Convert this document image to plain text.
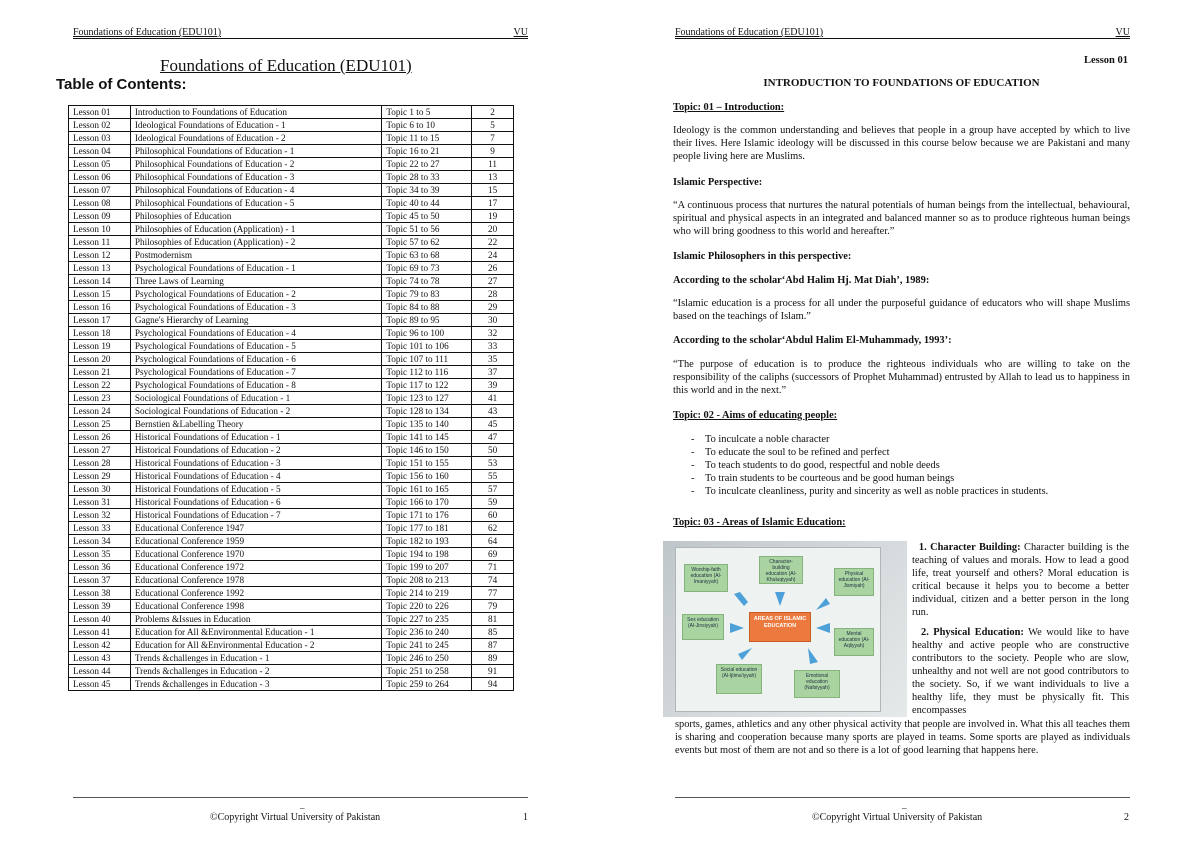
Foundations of Education (EDU101)	VU
Foundations of Education (EDU101)
Table of Contents:
Lesson 01	Introduction to Foundations of Education	Topic 1 to 5	2
Lesson 02	Ideological Foundations of Education - 1	Topic 6 to 10	5
Lesson 03	Ideological Foundations of Education - 2	Topic 11 to 15	7
Lesson 04	Philosophical Foundations of Education - 1	Topic 16 to 21	9
Lesson 05	Philosophical Foundations of Education - 2	Topic 22 to 27	11
Lesson 06	Philosophical Foundations of Education - 3	Topic 28 to 33	13
Lesson 07	Philosophical Foundations of Education - 4	Topic 34 to 39	15
Lesson 08	Philosophical Foundations of Education - 5	Topic 40 to 44	17
Lesson 09	Philosophies of Education	Topic 45 to 50	19
Lesson 10	Philosophies of Education (Application) - 1	Topic 51 to 56	20
Lesson 11	Philosophies of Education (Application) - 2	Topic 57 to 62	22
Lesson 12	Postmodernism	Topic 63 to 68	24
Lesson 13	Psychological Foundations of Education - 1	Topic 69 to 73	26
Lesson 14	Three Laws of Learning	Topic 74 to 78	27
Lesson 15	Psychological Foundations of Education - 2	Topic 79 to 83	28
Lesson 16	Psychological Foundations of Education - 3	Topic 84 to 88	29
Lesson 17	Gagne's Hierarchy of Learning	Topic 89 to 95	30
Lesson 18	Psychological Foundations of Education - 4	Topic 96 to 100	32
Lesson 19	Psychological Foundations of Education - 5	Topic 101 to 106	33
Lesson 20	Psychological Foundations of Education - 6	Topic 107 to 111	35
Lesson 21	Psychological Foundations of Education - 7	Topic 112 to 116	37
Lesson 22	Psychological Foundations of Education - 8	Topic 117 to 122	39
Lesson 23	Sociological Foundations of Education - 1	Topic 123 to 127	41
Lesson 24	Sociological Foundations of Education - 2	Topic 128 to 134	43
Lesson 25	Bernstien &Labelling Theory	Topic 135 to 140	45
Lesson 26	Historical Foundations of Education - 1	Topic 141 to 145	47
Lesson 27	Historical Foundations of Education - 2	Topic 146 to 150	50
Lesson 28	Historical Foundations of Education - 3	Topic 151 to 155	53
Lesson 29	Historical Foundations of Education - 4	Topic 156 to 160	55
Lesson 30	Historical Foundations of Education - 5	Topic 161 to 165	57
Lesson 31	Historical Foundations of Education - 6	Topic 166 to 170	59
Lesson 32	Historical Foundations of Education - 7	Topic 171 to 176	60
Lesson 33	Educational Conference 1947	Topic 177 to 181	62
Lesson 34	Educational Conference 1959	Topic 182 to 193	64
Lesson 35	Educational Conference 1970	Topic 194 to 198	69
Lesson 36	Educational Conference 1972	Topic 199 to 207	71
Lesson 37	Educational Conference 1978	Topic 208 to 213	74
Lesson 38	Educational Conference 1992	Topic 214 to 219	77
Lesson 39	Educational Conference 1998	Topic 220 to 226	79
Lesson 40	Problems &Issues in Education	Topic 227 to 235	81
Lesson 41	Education for All &Environmental Education - 1	Topic 236 to 240	85
Lesson 42	Education for All &Environmental Education - 2	Topic 241 to 245	87
Lesson 43	Trends &challenges in Education - 1	Topic 246 to 250	89
Lesson 44	Trends &challenges in Education - 2	Topic 251 to 258	91
Lesson 45	Trends &challenges in Education - 3	Topic 259 to 264	94
_
©Copyright Virtual University of Pakistan	1
Foundations of Education (EDU101)	VU
Lesson 01
INTRODUCTION TO FOUNDATIONS OF EDUCATION
Topic: 01 – Introduction:
Ideology is the common understanding and believes that people in a group have accepted by which to live their lives. Here Islamic ideology will be discussed in this course below because we are Pakistani and many people living here are Muslims.
Islamic Perspective:
“A continuous process that nurtures the natural potentials of human beings from the intellectual, behavioural, spiritual and physical aspects in an integrated and balanced manner so as to produce righteous human beings who will bring goodness to this world and hereafter.”
Islamic Philosophers in this perspective:
According to the scholar‘Abd Halim Hj. Mat Diah’, 1989:
“Islamic education is a process for all under the purposeful guidance of educators who will shape Muslims based on the teachings of Islam.”
According to the scholar‘Abdul Halim El-Muhammady, 1993’:
“The purpose of education is to produce the righteous individuals who are willing to take on the responsibility of the caliphs (successors of Prophet Muhammad) entrusted by Allah to lead us to happiness in this world and in the next.”
Topic: 02 - Aims of educating people:
- To inculcate a noble character
- To educate the soul to be refined and perfect
- To teach students to do good, respectful and noble deeds
- To train students to be courteous and be good human beings
- To inculcate cleanliness, purity and sincerity as well as noble practices in students.
Topic: 03 - Areas of Islamic Education:
Worship-faith education (Al-Imaniyyah)
Character-building education (Al-Khuluqiyyah)
Physical education (Al-Jismiyah)
Sex education (Al-Jinsiyyah)
AREAS OF ISLAMIC EDUCATION
Mental education (Al-Aqliyyah)
Social education (Al-Ijtima'iyyah)	Emotional education (Nafsiyyah)
1. Character Building: Character building is the teaching of values and morals. How to lead a good life, treat yourself and others? Moral education is critical because it helps you to become a better individual, citizen and a better person in the long run.
2. Physical Education: We would like to have healthy and active people who are constructive contributors to the society. People who are slow, unhealthy and not well are not good contributors to the society. So, if we want individuals to live a healthy life, they must be physically fit. This encompasses
sports, games, athletics and any other physical activity that people are involved in. What this all teaches them is sharing and cooperation because many sports are played in teams. Some sports are played as individuals events but most of them are not and so there is a lot of good learning that happens here.
_
©Copyright Virtual University of Pakistan	2
